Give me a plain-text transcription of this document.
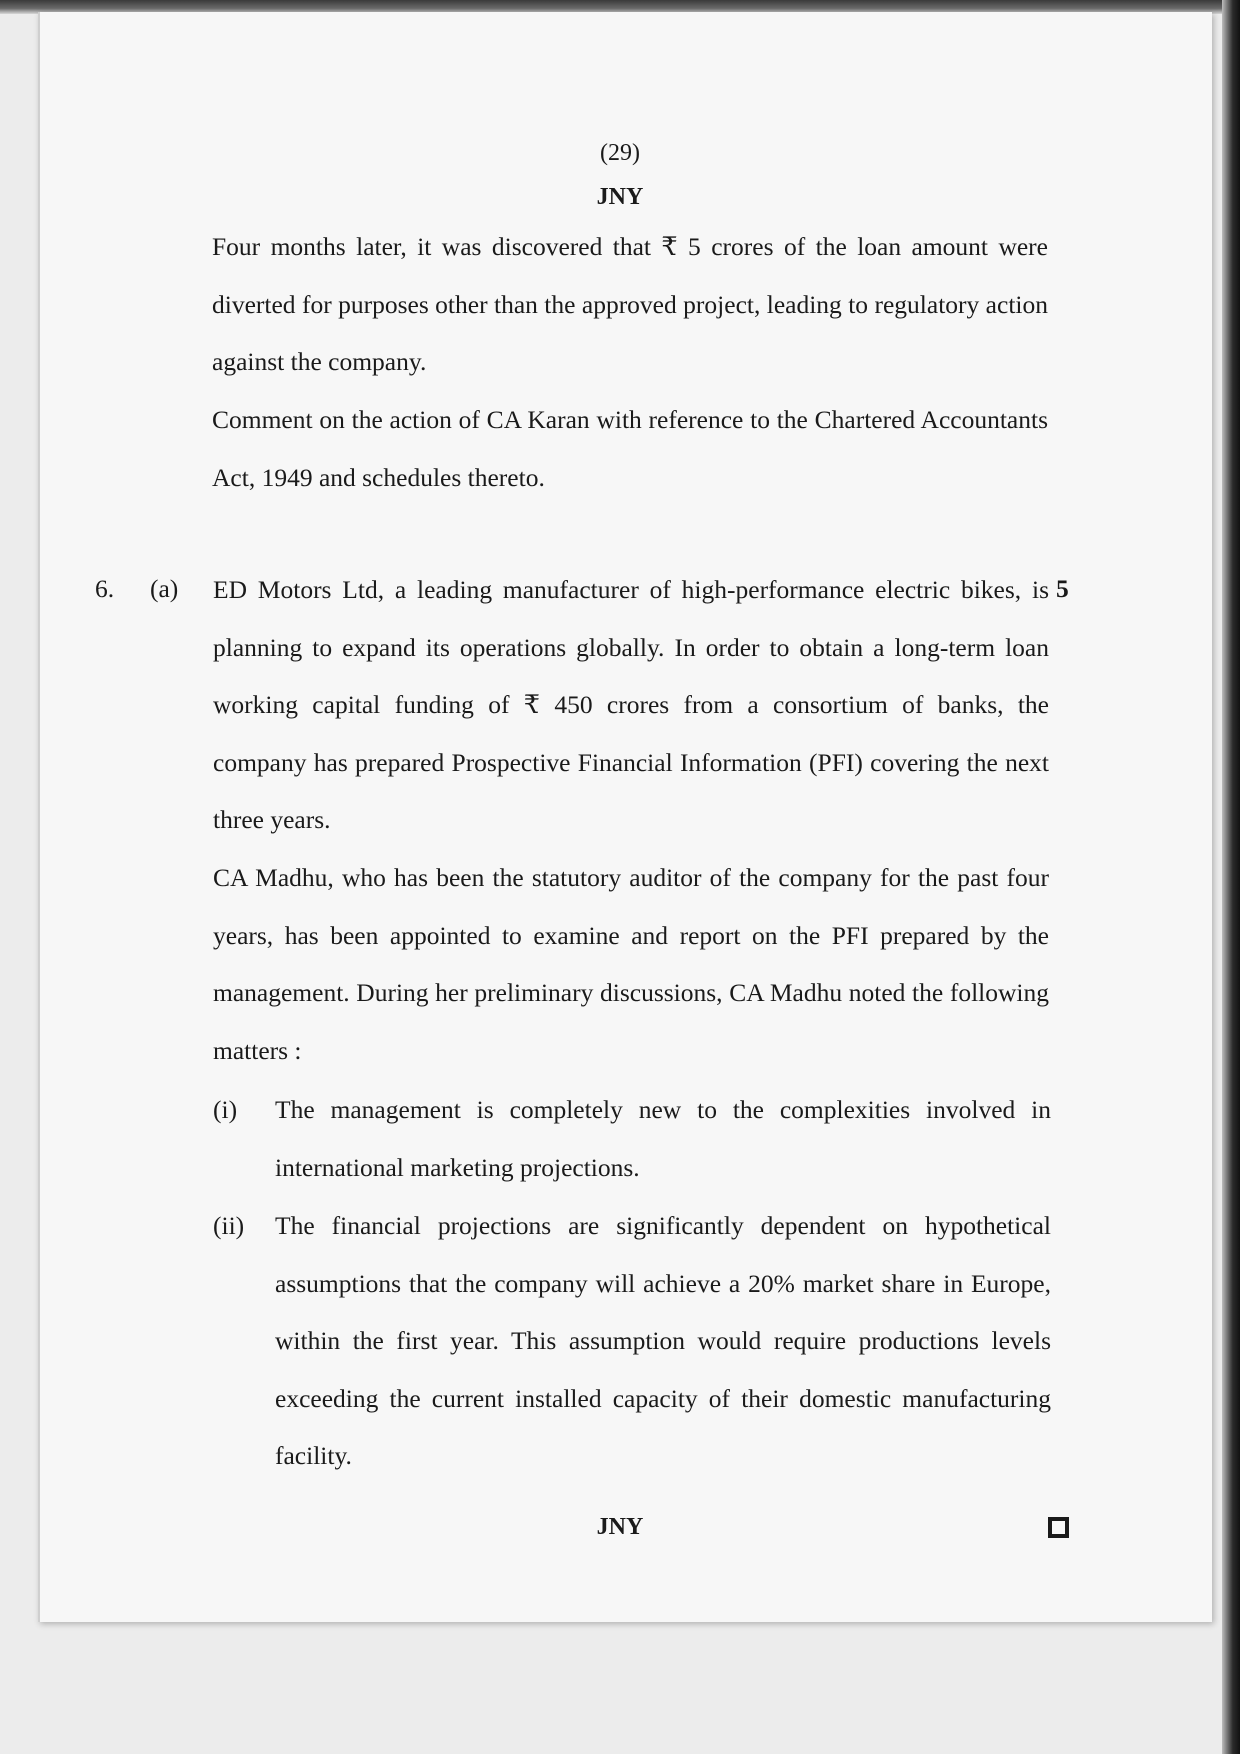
(29)
JNY

Four months later, it was discovered that ₹ 5 crores of the loan amount were diverted for purposes other than the approved project, leading to regulatory action against the company.

Comment on the action of CA Karan with reference to the Chartered Accountants Act, 1949 and schedules thereto.

6. (a)	5

ED Motors Ltd, a leading manufacturer of high-performance electric bikes, is planning to expand its operations globally. In order to obtain a long-term loan working capital funding of ₹ 450 crores from a consortium of banks, the company has prepared Prospective Financial Information (PFI) covering the next three years.

CA Madhu, who has been the statutory auditor of the company for the past four years, has been appointed to examine and report on the PFI prepared by the management. During her preliminary discussions, CA Madhu noted the following matters :

(i) The management is completely new to the complexities involved in international marketing projections.

(ii) The financial projections are significantly dependent on hypothetical assumptions that the company will achieve a 20% market share in Europe, within the first year. This assumption would require productions levels exceeding the current installed capacity of their domestic manufacturing facility.

JNY
